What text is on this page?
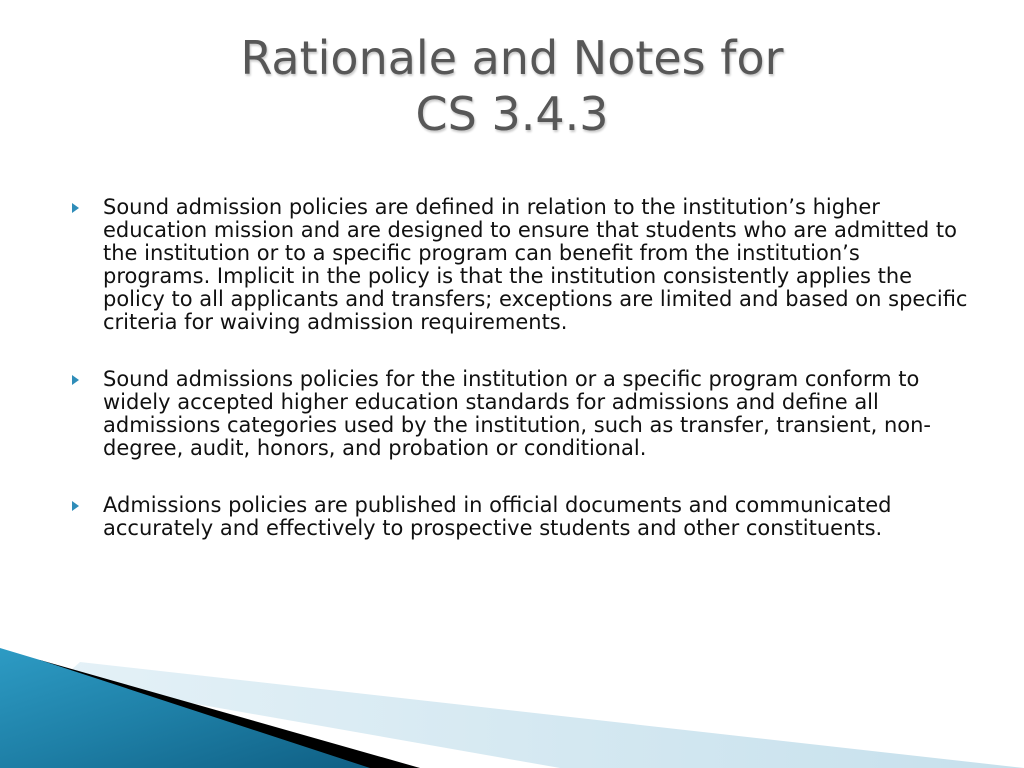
Rationale and Notes for
CS 3.4.3
Sound admission policies are defined in relation to the institution’s higher education mission and are designed to ensure that students who are admitted to the institution or to a specific program can benefit from the institution’s programs. Implicit in the policy is that the institution consistently applies the policy to all applicants and transfers; exceptions are limited and based on specific criteria for waiving admission requirements.
Sound admissions policies for the institution or a specific program conform to widely accepted higher education standards for admissions and define all admissions categories used by the institution, such as transfer, transient, non-degree, audit, honors, and probation or conditional.
Admissions policies are published in official documents and communicated accurately and effectively to prospective students and other constituents.
